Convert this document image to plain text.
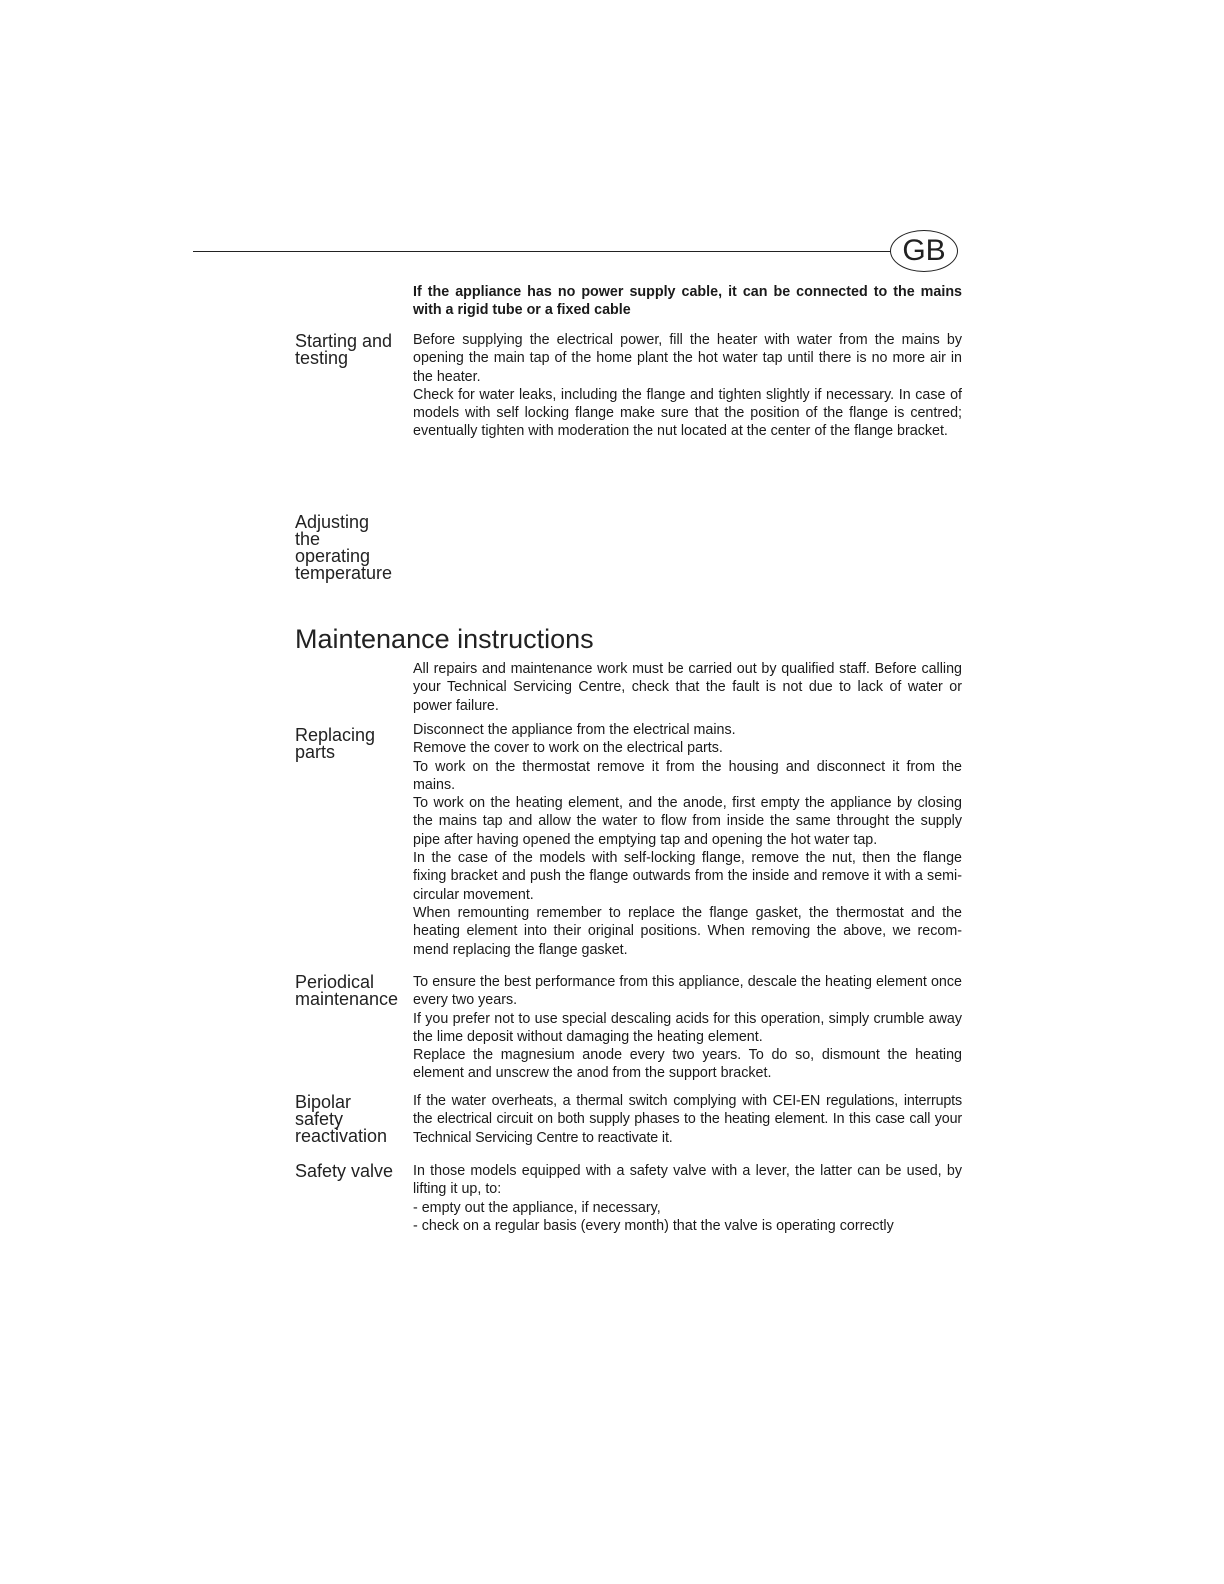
GB
If the appliance has no power supply cable, it can be connected to the mains with a rigid tube or a fixed cable
Starting and testing

Before supplying the electrical power, fill the heater with water from the mains by opening the main tap of the home plant the hot water tap until there is no more air in the heater.

Check for water leaks, including the flange and tighten slightly if necessary. In case of models with self locking flange make sure that the position of the flange is centred; eventually tighten with moderation the nut located at the center of the flange bracket.

Adjusting the operating temperature
Maintenance instructions

All repairs and maintenance work must be carried out by qualified staff. Before calling your Technical Servicing Centre, check that the fault is not due to lack of water or power failure.

Replacing parts

Disconnect the appliance from the electrical mains.

Remove the cover to work on the electrical parts.

To work on the thermostat remove it from the housing and disconnect it from the mains.

To work on the heating element, and the anode, first empty the appliance by closing the mains tap and allow the water to flow from inside the same throught the supply pipe after having opened the emptying tap and opening the hot water tap.

In the case of the models with self-locking flange, remove the nut, then the flange fixing bracket and push the flange outwards from the inside and remove it with a semi-circular movement.

When remounting remember to replace the flange gasket, the thermostat and the heating element into their original positions. When removing the above, we recom-mend replacing the flange gasket.

Periodical maintenance

To ensure the best performance from this appliance, descale the heating element once every two years.

If you prefer not to use special descaling acids for this operation, simply crumble away the lime deposit without damaging the heating element.

Replace the magnesium anode every two years. To do so, dismount the heating element and unscrew the anod from the support bracket.

Bipolar safety reactivation

If the water overheats, a thermal switch complying with CEI-EN regulations, interrupts the electrical circuit on both supply phases to the heating element. In this case call your Technical Servicing Centre to reactivate it.

Safety valve	In those models equipped with a safety valve with a lever, the latter can be used, by lifting it up, to:

- empty out the appliance, if necessary,

- check on a regular basis (every month) that the valve is operating correctly
